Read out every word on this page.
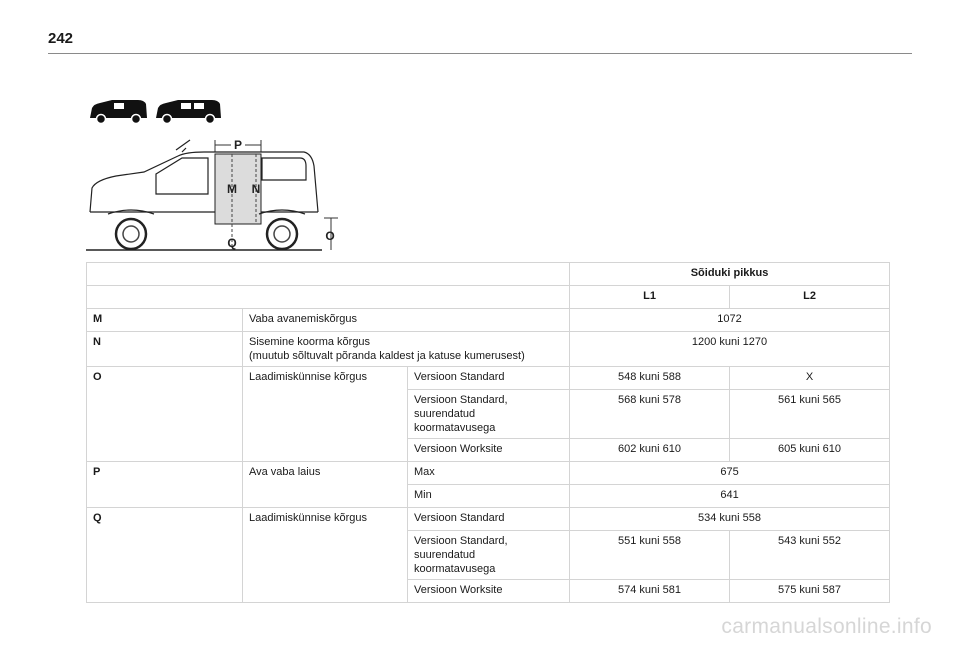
242
P
M N
O
Q
			Sõiduki pikkus	
			L1	L2
M	Vaba avanemiskõrgus		1072	
N	Sisemine koorma kõrgus
(muutub sõltuvalt põranda kaldest ja katuse kumerusest)		1200 kuni 1270	
O	Laadimiskünnise kõrgus	Versioon Standard	548 kuni 588	X
		Versioon Standard,
suurendatud
koormatavusega	568 kuni 578	561 kuni 565
		Versioon Worksite	602 kuni 610	605 kuni 610
P	Ava vaba laius	Max	675	
		Min	641	
Q	Laadimiskünnise kõrgus	Versioon Standard	534 kuni 558	
		Versioon Standard,
suurendatud
koormatavusega	551 kuni 558	543 kuni 552
		Versioon Worksite	574 kuni 581	575 kuni 587
carmanualsonline.info
